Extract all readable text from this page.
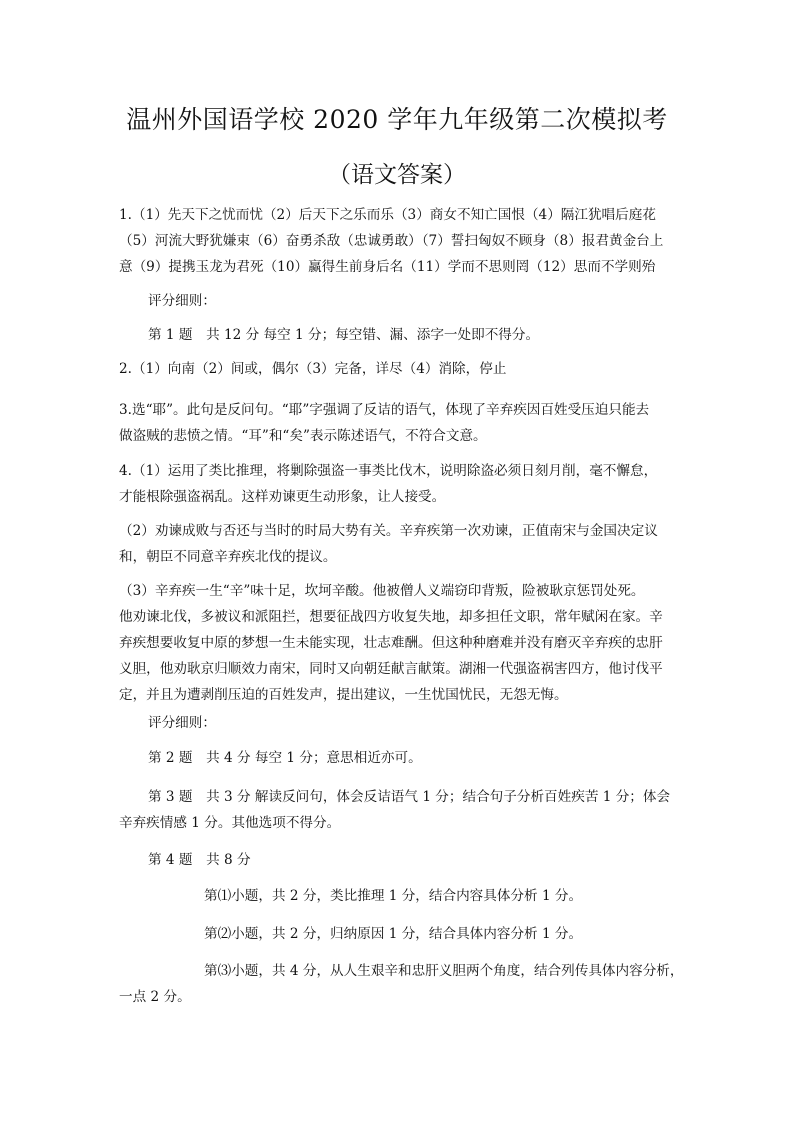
温州外国语学校 2020 学年九年级第二次模拟考
（语文答案）
1.（1）先天下之忧而忧（2）后天下之乐而乐（3）商女不知亡国恨（4）隔江犹唱后庭花
（5）河流大野犹嫌束（6）奋勇杀敌（忠诚勇敢）（7）誓扫匈奴不顾身（8）报君黄金台上
意（9）提携玉龙为君死（10）赢得生前身后名（11）学而不思则罔（12）思而不学则殆
评分细则：
第 1 题　共 12 分 每空 1 分；每空错、漏、添字一处即不得分。
2.（1）向南（2）间或，偶尔（3）完备，详尽（4）消除，停止
3.选“耶”。此句是反问句。“耶”字强调了反诘的语气，体现了辛弃疾因百姓受压迫只能去
做盗贼的悲愤之情。“耳”和“矣”表示陈述语气，不符合文意。
4.（1）运用了类比推理，将剿除强盗一事类比伐木，说明除盗必须日刻月削，毫不懈怠，
才能根除强盗祸乱。这样劝谏更生动形象，让人接受。
（2）劝谏成败与否还与当时的时局大势有关。辛弃疾第一次劝谏，正值南宋与金国决定议
和，朝臣不同意辛弃疾北伐的提议。
（3）辛弃疾一生“辛”味十足，坎坷辛酸。他被僧人义端窃印背叛，险被耿京惩罚处死。
他劝谏北伐，多被议和派阻拦，想要征战四方收复失地，却多担任文职，常年赋闲在家。辛
弃疾想要收复中原的梦想一生未能实现，壮志难酬。但这种种磨难并没有磨灭辛弃疾的忠肝
义胆，他劝耿京归顺效力南宋，同时又向朝廷献言献策。湖湘一代强盗祸害四方，他讨伐平
定，并且为遭剥削压迫的百姓发声，提出建议，一生忧国忧民，无怨无悔。
评分细则：
第 2 题　共 4 分 每空 1 分；意思相近亦可。
第 3 题　共 3 分 解读反问句，体会反诘语气 1 分；结合句子分析百姓疾苦 1 分；体会
辛弃疾情感 1 分。其他选项不得分。
第 4 题　共 8 分
第⑴小题，共 2 分，类比推理 1 分，结合内容具体分析 1 分。
第⑵小题，共 2 分，归纳原因 1 分，结合具体内容分析 1 分。
第⑶小题，共 4 分，从人生艰辛和忠肝义胆两个角度，结合列传具体内容分析，
一点 2 分。
